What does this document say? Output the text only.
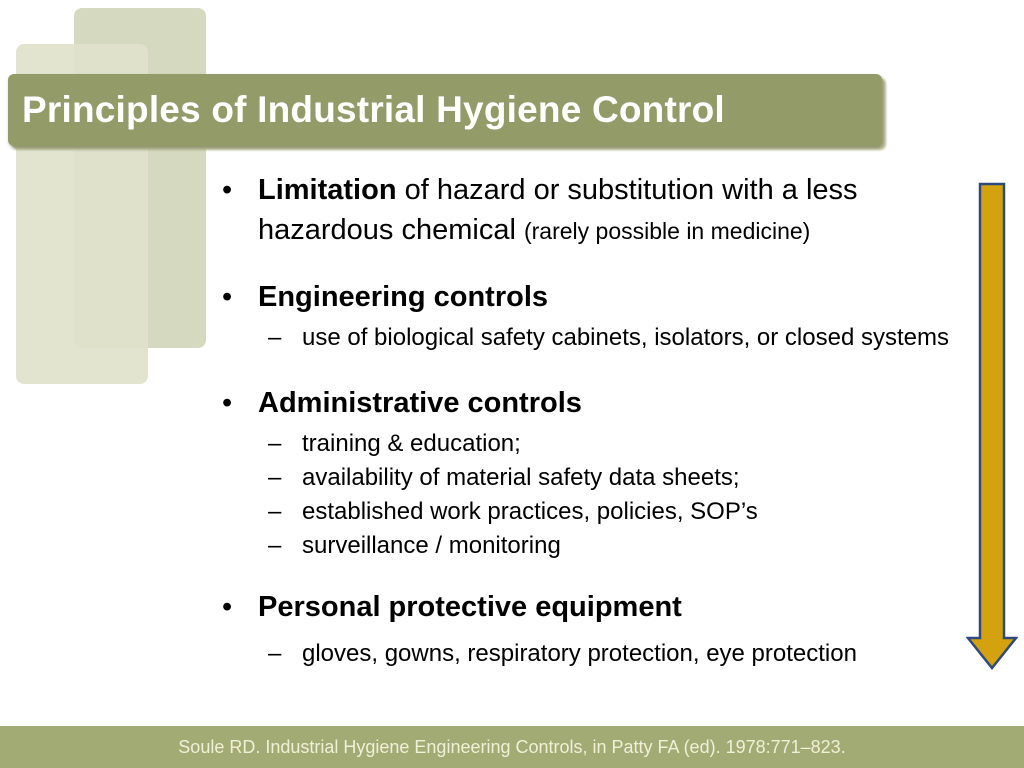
Principles of Industrial Hygiene Control
• Limitation of hazard or substitution with a less hazardous chemical (rarely possible in medicine)
• Engineering controls
– use of biological safety cabinets, isolators, or closed systems
• Administrative controls
– training & education;
– availability of material safety data sheets;
– established work practices, policies, SOP’s
– surveillance / monitoring
• Personal protective equipment
– gloves, gowns, respiratory protection, eye protection
Soule RD. Industrial Hygiene Engineering Controls, in Patty FA (ed). 1978:771–823.
